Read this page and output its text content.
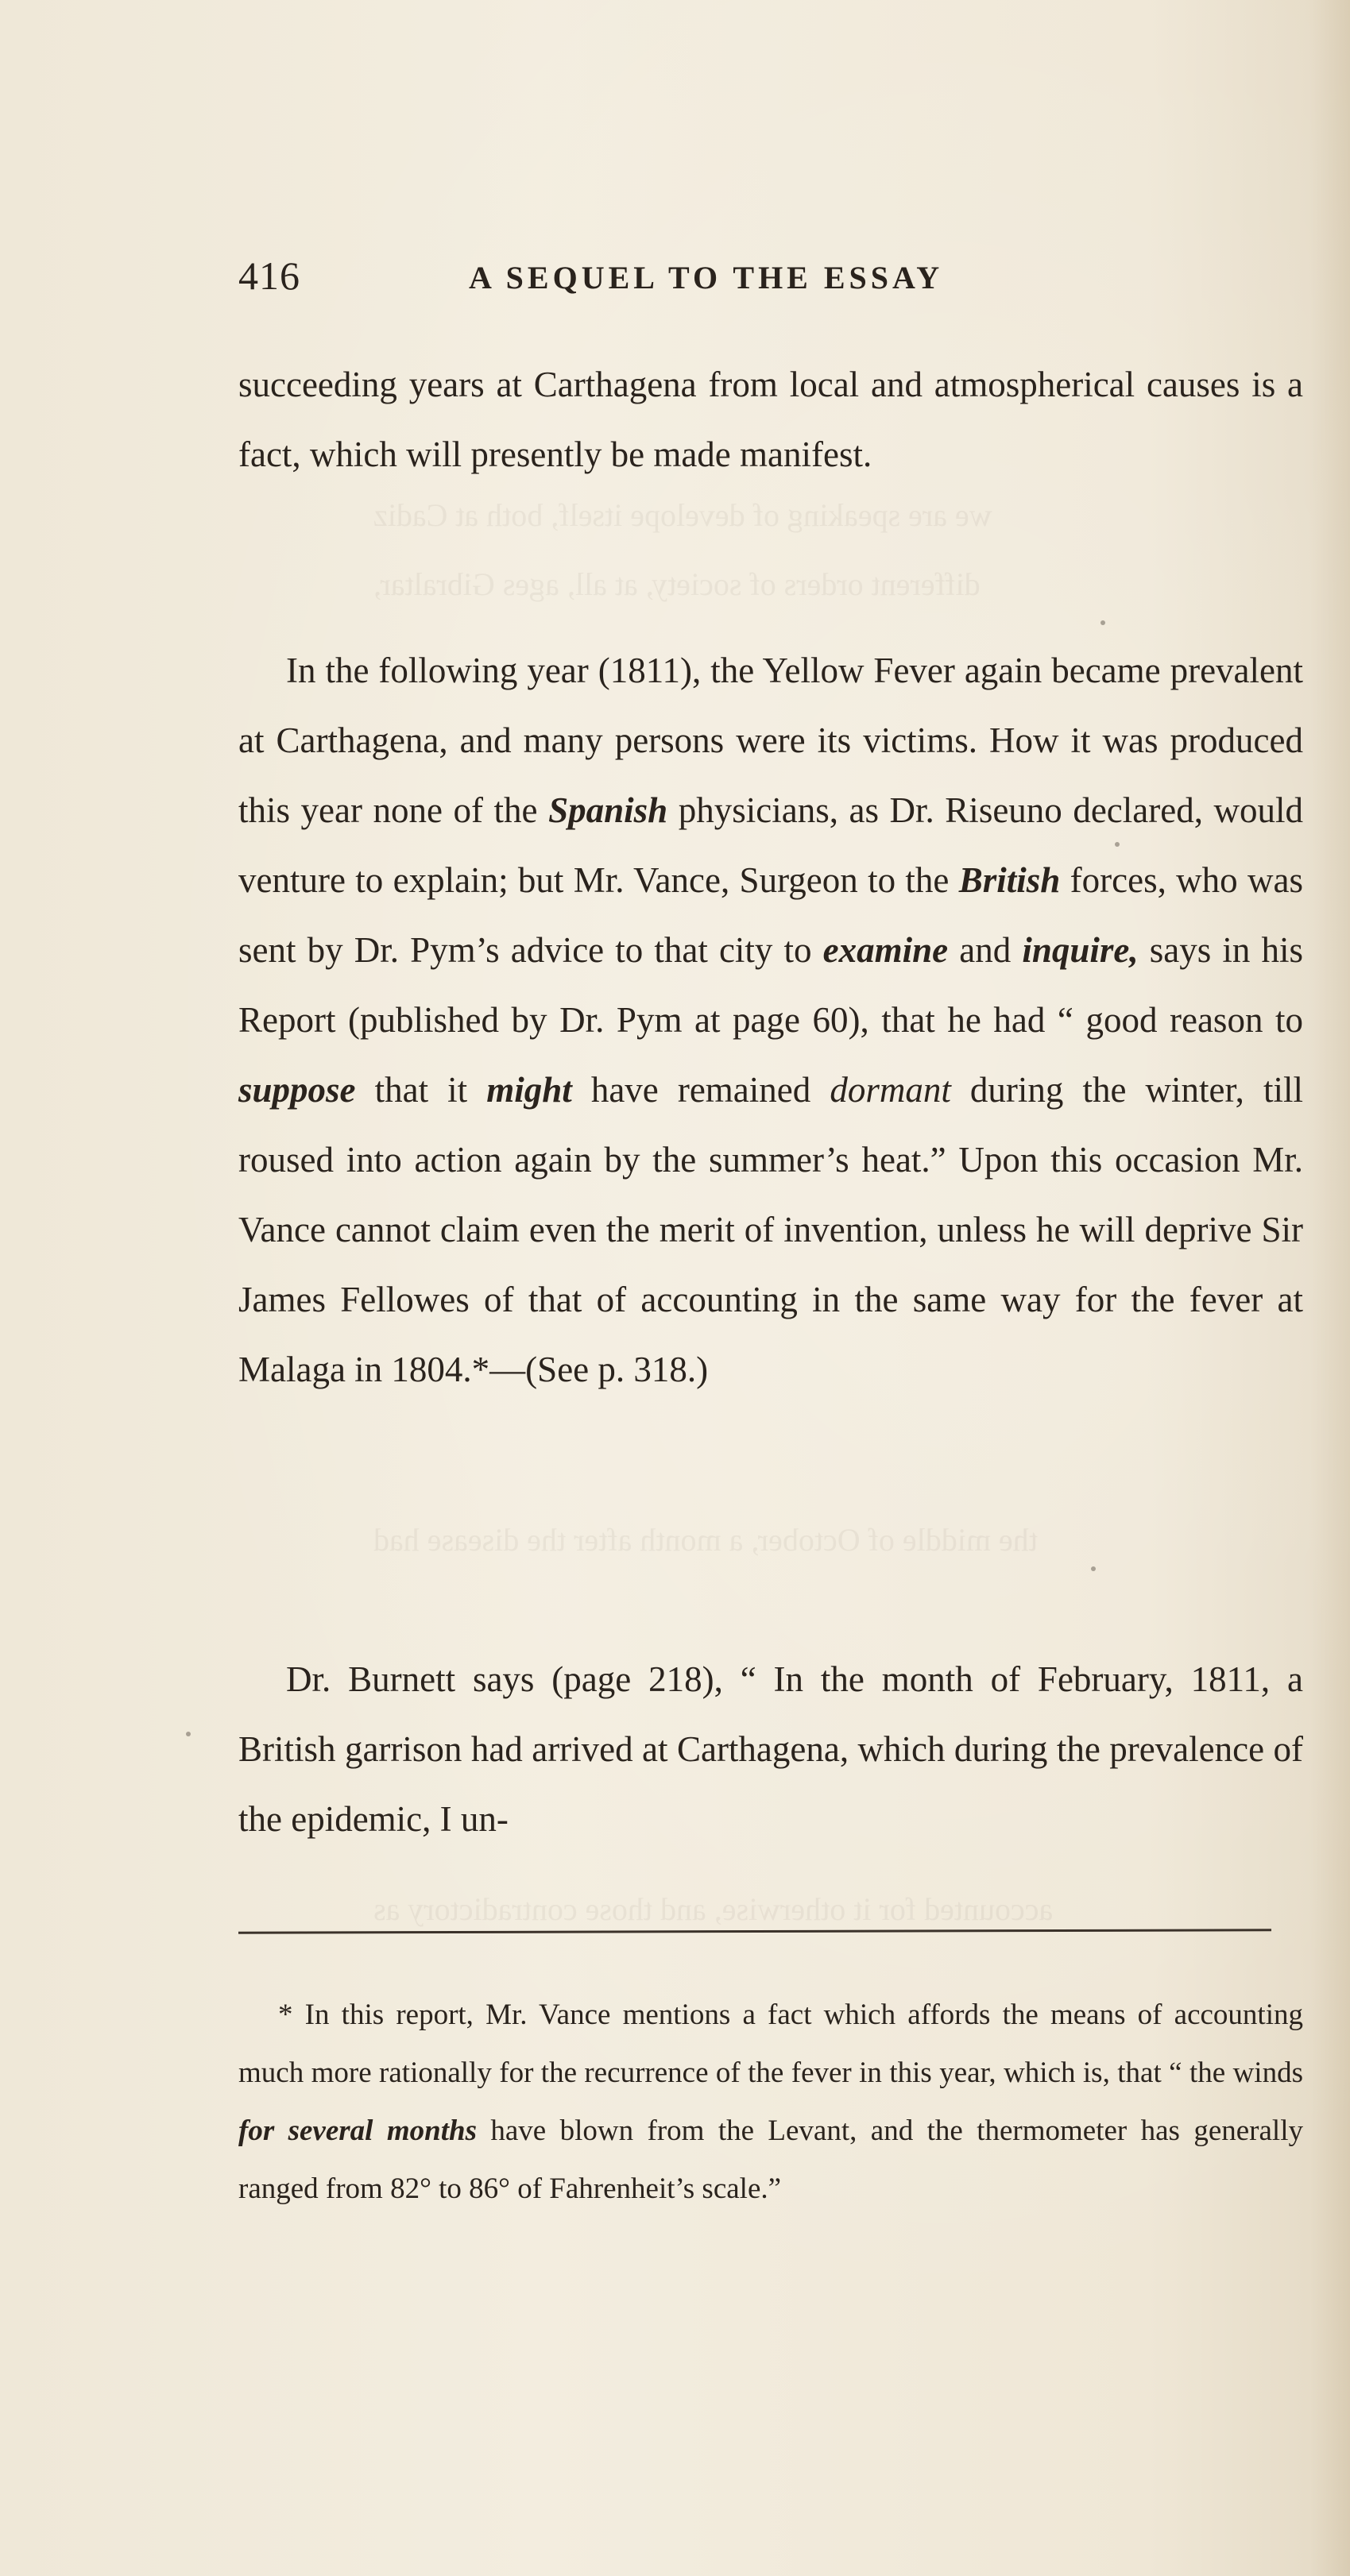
we are speaking of develope itself, both at Cadiz
different orders of society, at all, ages Gibraltar,
the middle of October, a month after the disease had
accounted for it otherwise, and those contradictory as
416	A SEQUEL TO THE ESSAY

succeeding years at Carthagena from local and atmospherical causes is a fact, which will presently be made manifest.

In the following year (1811), the Yellow Fever again became prevalent at Carthagena, and many persons were its victims. How it was produced this year none of the Spanish physicians, as Dr. Riseuno declared, would venture to explain; but Mr. Vance, Surgeon to the British forces, who was sent by Dr. Pym’s advice to that city to examine and inquire, says in his Report (published by Dr. Pym at page 60), that he had “ good reason to suppose that it might have remained dormant during the winter, till roused into action again by the summer’s heat.” Upon this occasion Mr. Vance cannot claim even the merit of invention, unless he will deprive Sir James Fellowes of that of accounting in the same way for the fever at Malaga in 1804.*—(See p. 318.)

Dr. Burnett says (page 218), “ In the month of February, 1811, a British garrison had arrived at Carthagena, which during the prevalence of the epidemic, I un-

* In this report, Mr. Vance mentions a fact which affords the means of accounting much more rationally for the recurrence of the fever in this year, which is, that “ the winds for several months have blown from the Levant, and the thermometer has generally ranged from 82° to 86° of Fahrenheit’s scale.”
